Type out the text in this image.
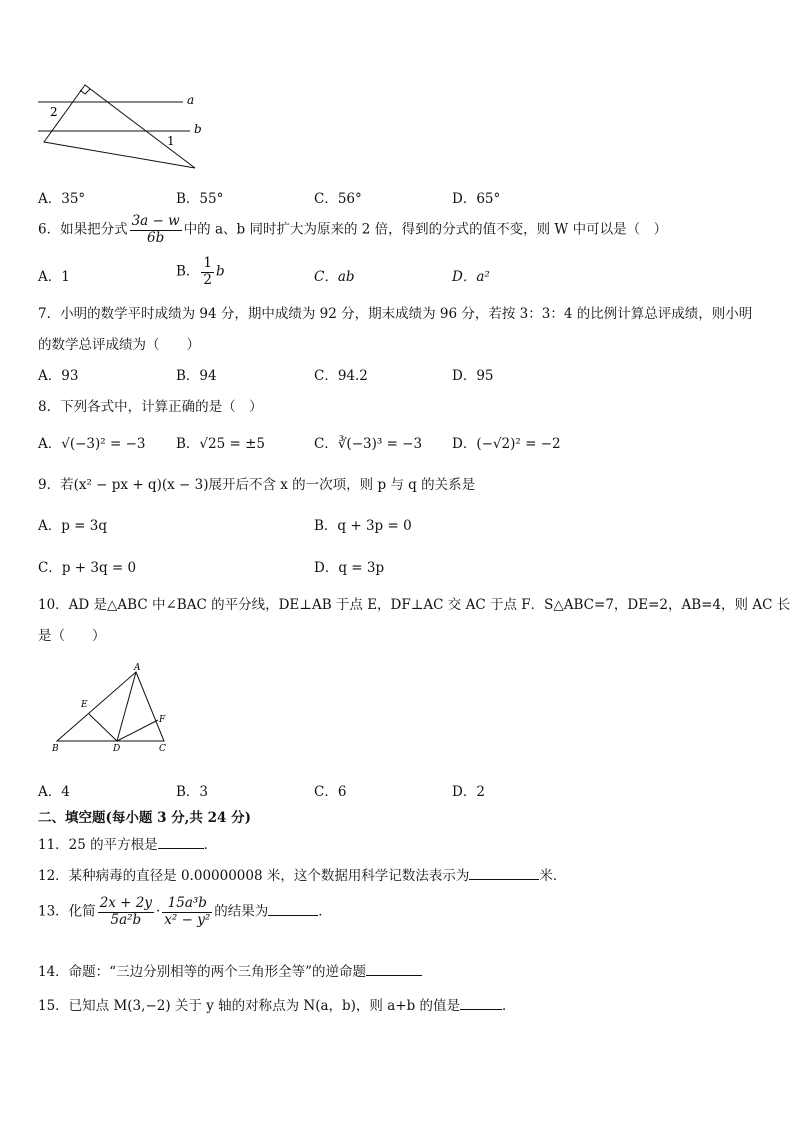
a
b
2
1
A．35°	B．55°	C．56°	D．65°
6．如果把分式 $\frac{3a - w}{6b}$ 中的 a、b 同时扩大为原来的 2 倍，得到的分式的值不变，则 W 中可以是（　）
A．1	B． $\frac{1}{2}$ b	C．ab	D．a²
7．小明的数学平时成绩为 94 分，期中成绩为 92 分，期末成绩为 96 分，若按 3：3：4 的比例计算总评成绩，则小明
的数学总评成绩为（　　）
A．93	B．94	C．94.2	D．95
8．下列各式中，计算正确的是（　）
A．√(−3)² = −3 B．√25 = ±5	C．∛(−3)³ = −3 D．(−√2)² = −2
9．若(x² − px + q)(x − 3)展开后不含 x 的一次项，则 p 与 q 的关系是
A．p = 3q	B．q + 3p = 0
C．p + 3q = 0	D．q = 3p
10．AD 是△ABC 中∠BAC 的平分线，DE⊥AB 于点 E，DF⊥AC 交 AC 于点 F．S△ABC=7，DE=2，AB=4，则 AC 长
是（　　）
A
B	C
D
E
F
A．4	B．3	C．6	D．2
二、填空题(每小题 3 分,共 24 分)
11．25 的平方根是	．
12．某种病毒的直径是 0.00000008 米，这个数据用科学记数法表示为	米．
13．化简 $\frac{2x + 2y}{\text{5a²b}} \cdot \frac{\text{15a³b}}{\text{x² − y²}}$ 的结果为	．
14．命题：“三边分别相等的两个三角形全等”的逆命题
15．已知点 M(3,−2) 关于 y 轴的对称点为 N(a，b)，则 a+b 的值是	．
